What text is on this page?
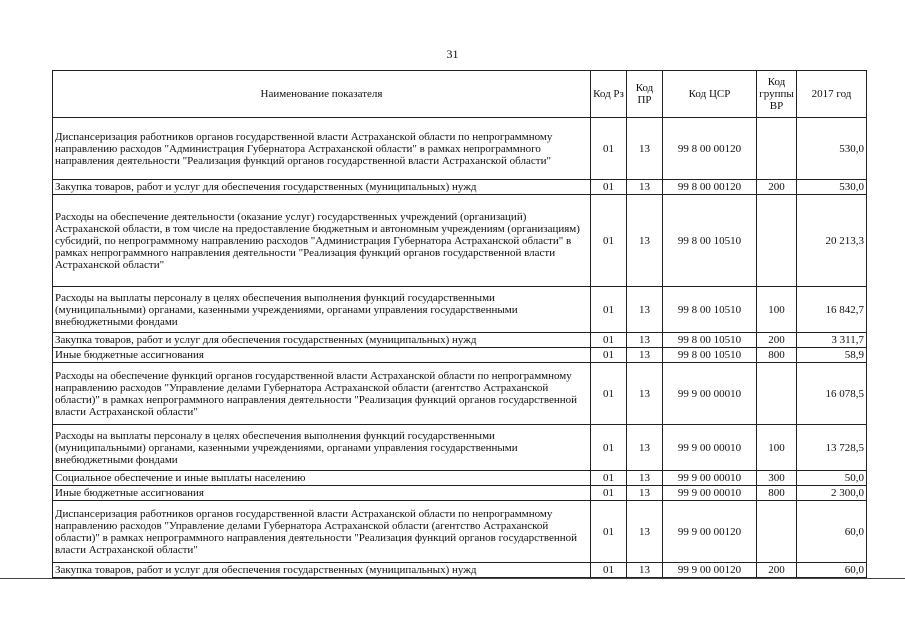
31
Наименование показателя	Код Рз	Код ПР	Код ЦСР	Код группы ВР	2017 год
Диспансеризация работников органов государственной власти Астраханской области по непрограммному направлению расходов "Администрация Губернатора Астраханской области" в рамках непрограммного направления деятельности "Реализация функций органов государственной власти Астраханской области"	01	13	99 8 00 00120		530,0
Закупка товаров, работ и услуг для обеспечения государственных (муниципальных) нужд	01	13	99 8 00 00120	200	530,0
Расходы на обеспечение деятельности (оказание услуг) государственных учреждений (организаций) Астраханской области, в том числе на предоставление бюджетным и автономным учреждениям (организациям) субсидий, по непрограммному направлению расходов "Администрация Губернатора Астраханской области" в рамках непрограммного направления деятельности "Реализация функций органов государственной власти Астраханской области"	01	13	99 8 00 10510		20 213,3
Расходы на выплаты персоналу в целях обеспечения выполнения функций государственными (муниципальными) органами, казенными учреждениями, органами управления государственными внебюджетными фондами	01	13	99 8 00 10510	100	16 842,7
Закупка товаров, работ и услуг для обеспечения государственных (муниципальных) нужд	01	13	99 8 00 10510	200	3 311,7
Иные бюджетные ассигнования	01	13	99 8 00 10510	800	58,9
Расходы на обеспечение функций органов государственной власти Астраханской области по непрограммному направлению расходов "Управление делами Губернатора Астраханской области (агентство Астраханской области)" в рамках непрограммного направления деятельности "Реализация функций органов государственной власти Астраханской области"	01	13	99 9 00 00010		16 078,5
Расходы на выплаты персоналу в целях обеспечения выполнения функций государственными (муниципальными) органами, казенными учреждениями, органами управления государственными внебюджетными фондами	01	13	99 9 00 00010	100	13 728,5
Социальное обеспечение и иные выплаты населению	01	13	99 9 00 00010	300	50,0
Иные бюджетные ассигнования	01	13	99 9 00 00010	800	2 300,0
Диспансеризация работников органов государственной власти Астраханской области по непрограммному направлению расходов "Управление делами Губернатора Астраханской области (агентство Астраханской области)" в рамках непрограммного направления деятельности "Реализация функций органов государственной власти Астраханской области"	01	13	99 9 00 00120		60,0
Закупка товаров, работ и услуг для обеспечения государственных (муниципальных) нужд	01	13	99 9 00 00120	200	60,0
